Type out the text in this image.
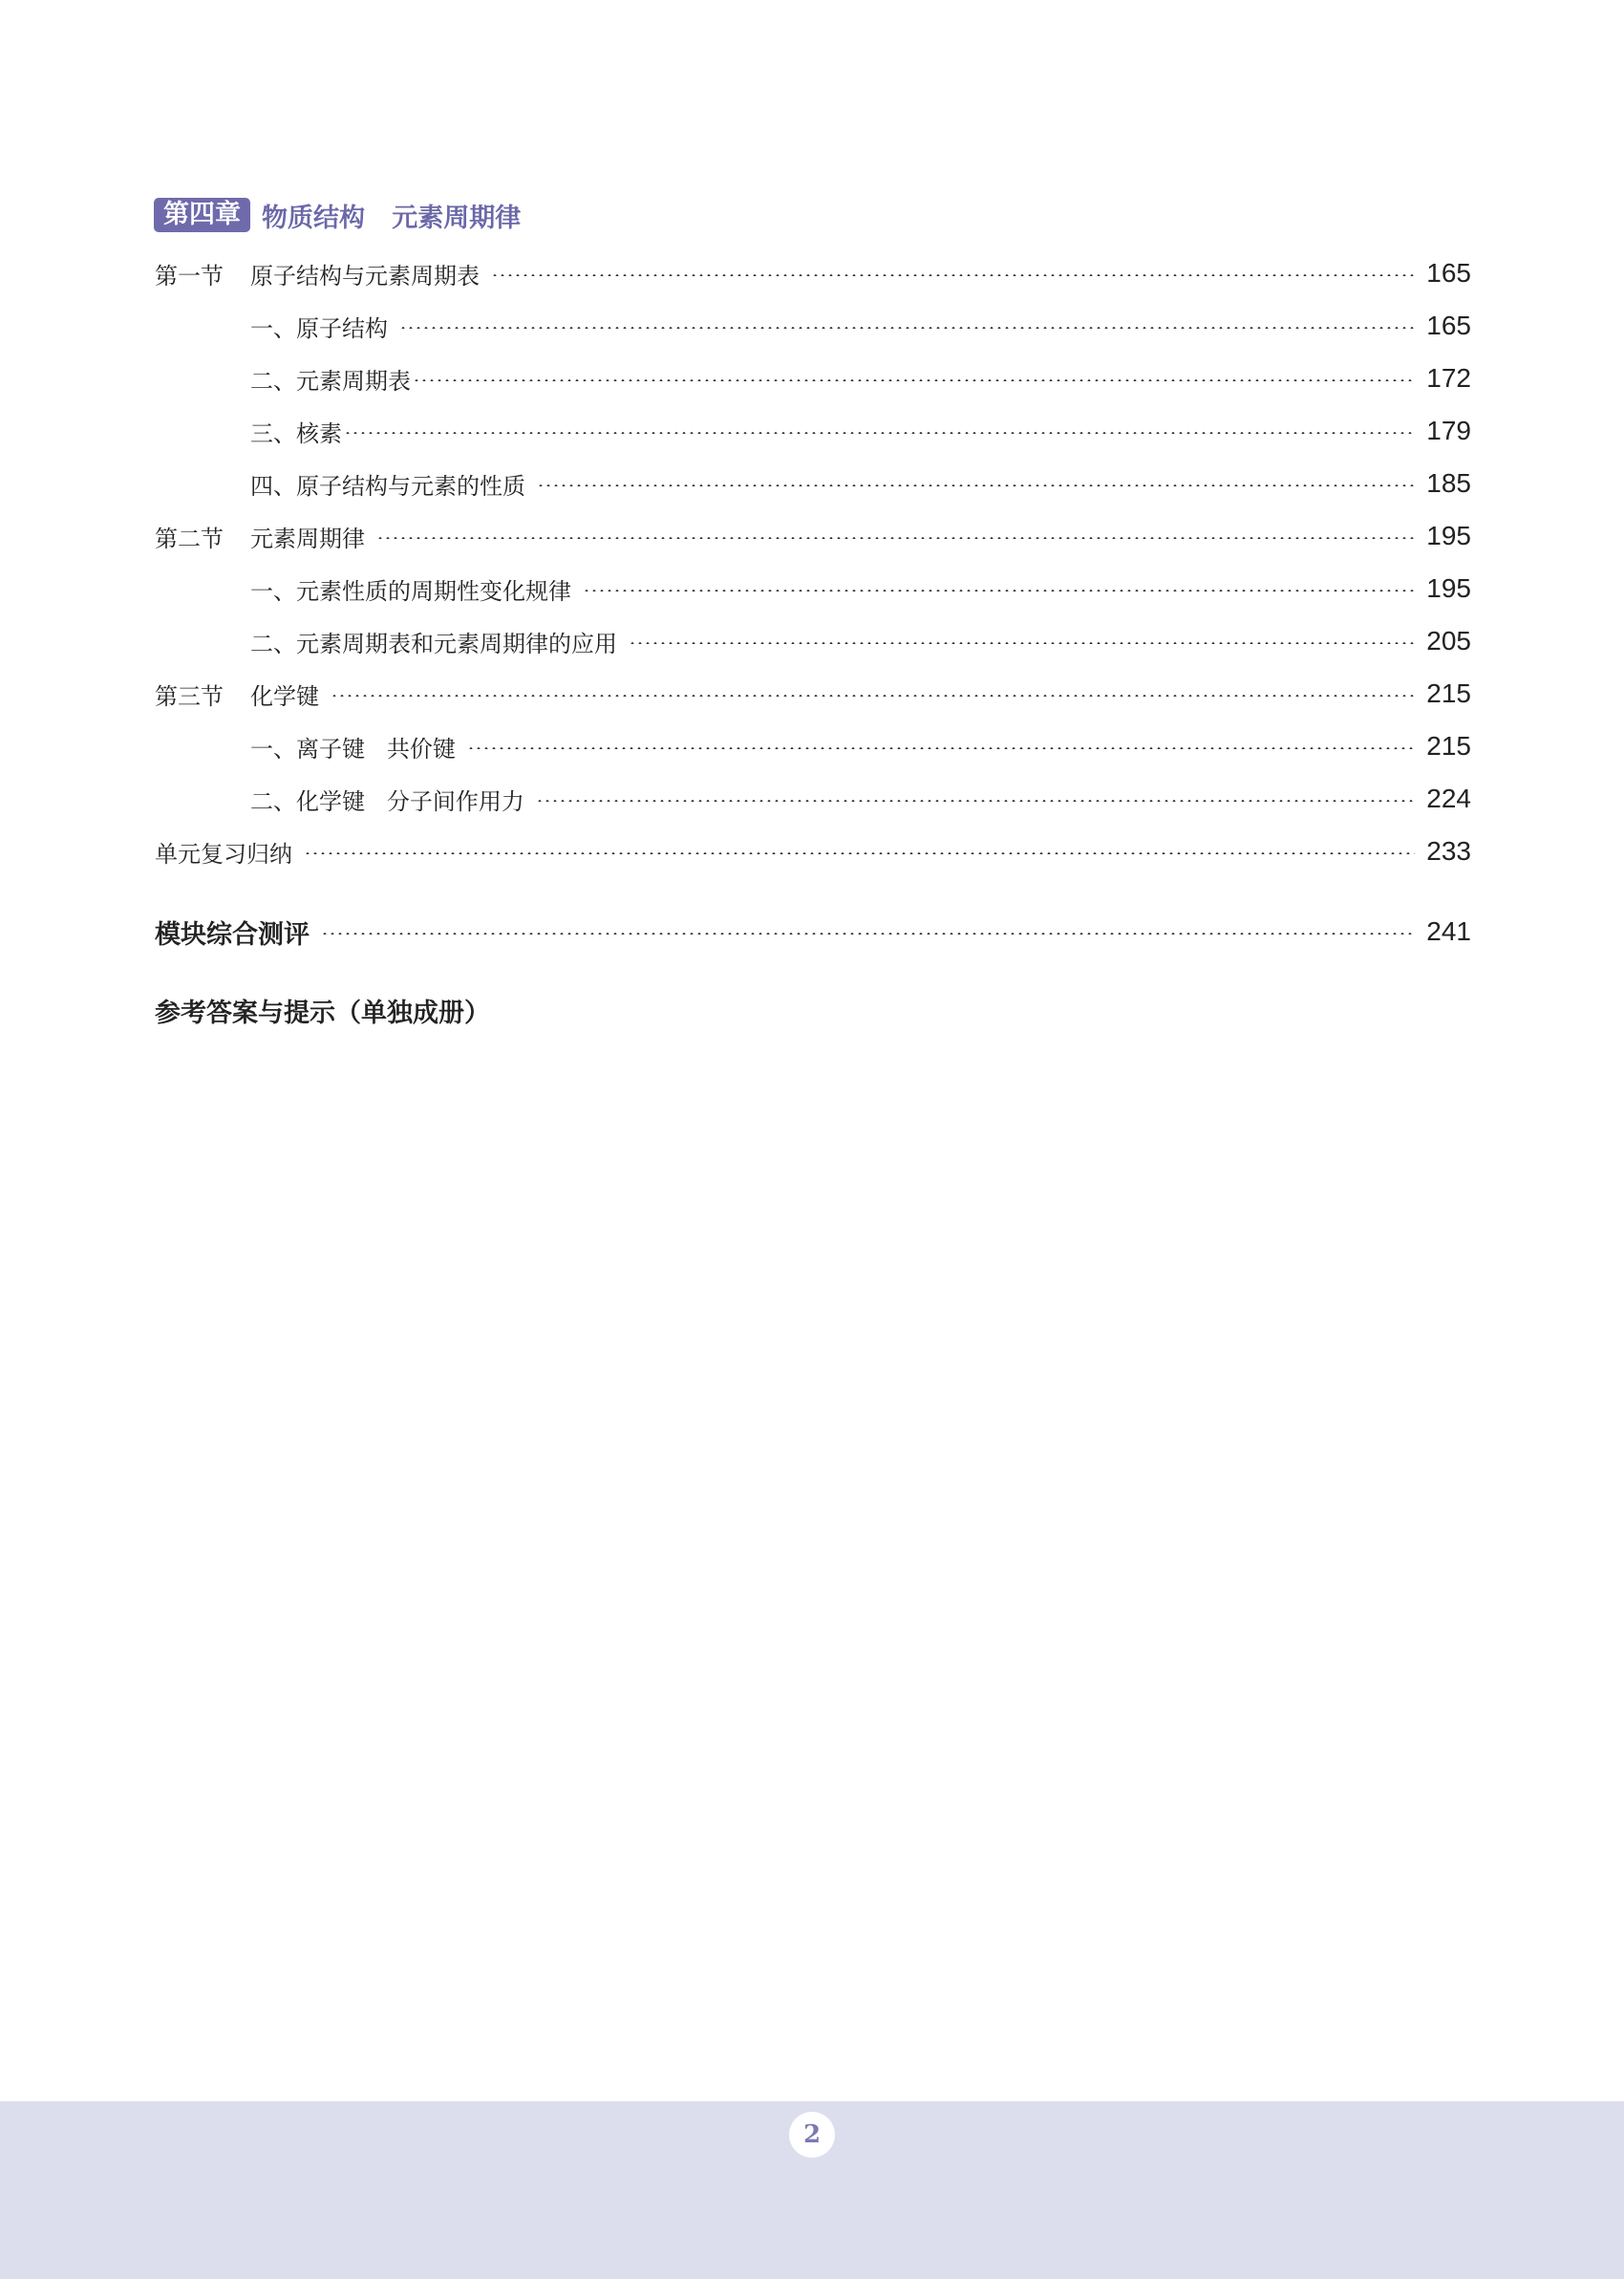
第四章 物质结构   元素周期律
第一节	原子结构与元素周期表	165
一、原子结构	165
二、元素周期表	172
三、核素	179
四、原子结构与元素的性质	185
第二节	元素周期律	195
一、元素性质的周期性变化规律	195
二、元素周期表和元素周期律的应用	205
第三节	化学键	215
一、离子键   共价键	215
二、化学键   分子间作用力	224
单元复习归纳	233
模块综合测评	241
参考答案与提示（单独成册）
2
